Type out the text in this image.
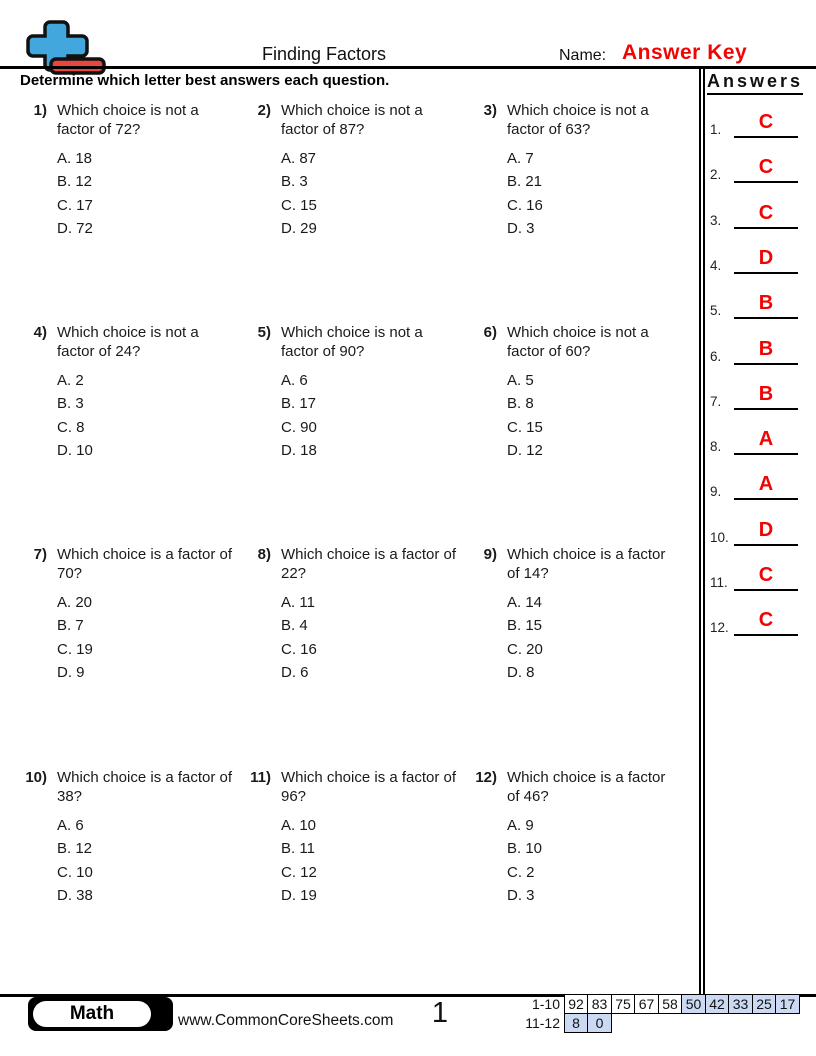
Finding Factors	Name: Answer Key
Determine which letter best answers each question.	Answers
1.	C
2.	C
3.	C
4.	D
5.	B
6.	B
7.	B
8.	A
9.	A
10.	D
11.	C
12.	C
1) Which choice is not a factor of 72?

A. 18

B. 12

C. 17

D. 72

2) Which choice is not a factor of 87?

A. 87

B. 3

C. 15

D. 29

3) Which choice is not a factor of 63?

A. 7

B. 21

C. 16

D. 3

4) Which choice is not a factor of 24?

A. 2

B. 3

C. 8

D. 10

5) Which choice is not a factor of 90?

A. 6

B. 17

C. 90

D. 18

6) Which choice is not a factor of 60?

A. 5

B. 8

C. 15

D. 12

7) Which choice is a factor of 70?

A. 20

B. 7

C. 19

D. 9

8) Which choice is a factor of 22?

A. 11

B. 4

C. 16

D. 6

9) Which choice is a factor of 14?

A. 14

B. 15

C. 20

D. 8

10) Which choice is a factor of 38?

A. 6

B. 12

C. 10

D. 38

11) Which choice is a factor of 96?

A. 10

B. 11

C. 12

D. 19

12) Which choice is a factor of 46?

A. 9

B. 10

C. 2

D. 3

Math	www.CommonCoreSheets.com	1	1-10 92 83 75 67 58 50 42 33 25 17
11-12 8	0
